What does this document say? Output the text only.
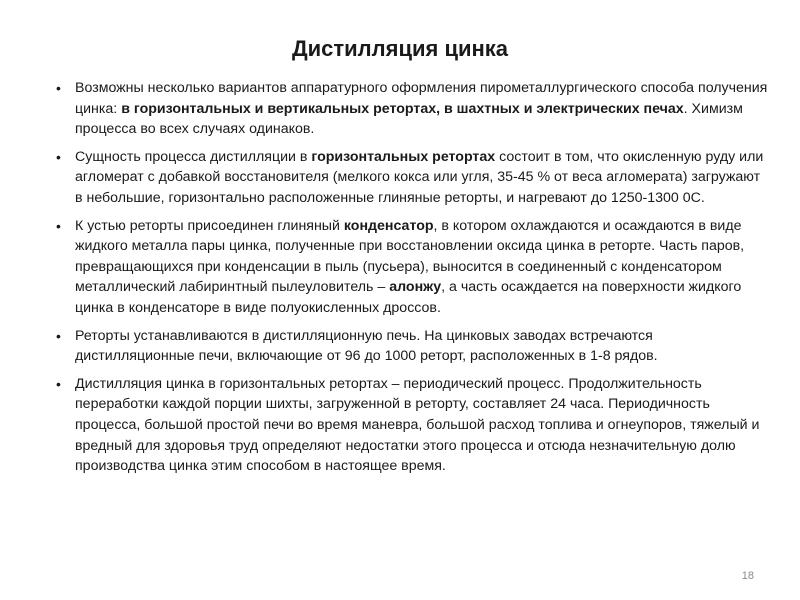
Дистилляция цинка
• Возможны несколько вариантов аппаратурного оформления пирометаллургического способа получения цинка: в горизонтальных и вертикальных ретортах, в шахтных и электрических печах. Химизм процесса во всех случаях одинаков.
• Сущность процесса дистилляции в горизонтальных ретортах состоит в том, что окисленную руду или агломерат с добавкой восстановителя (мелкого кокса или угля, 35-45 % от веса агломерата) загружают в небольшие, горизонтально расположенные глиняные реторты, и нагревают до 1250-1300 0С.
• К устью реторты присоединен глиняный конденсатор, в котором охлаждаются и осаждаются в виде жидкого металла пары цинка, полученные при восстановлении оксида цинка в реторте. Часть паров, превращающихся при конденсации в пыль (пусьера), выносится в соединенный с конденсатором металлический лабиринтный пылеуловитель – алонжу, а часть осаждается на поверхности жидкого цинка в конденсаторе в виде полуокисленных дроссов.
• Реторты устанавливаются в дистилляционную печь. На цинковых заводах встречаются дистилляционные печи, включающие от 96 до 1000 реторт, расположенных в 1-8 рядов.
• Дистилляция цинка в горизонтальных ретортах – периодический процесс. Продолжительность переработки каждой порции шихты, загруженной в реторту, составляет 24 часа. Периодичность процесса, большой простой печи во время маневра, большой расход топлива и огнеупоров, тяжелый и вредный для здоровья труд определяют недостатки этого процесса и отсюда незначительную долю производства цинка этим способом в настоящее время.
18
